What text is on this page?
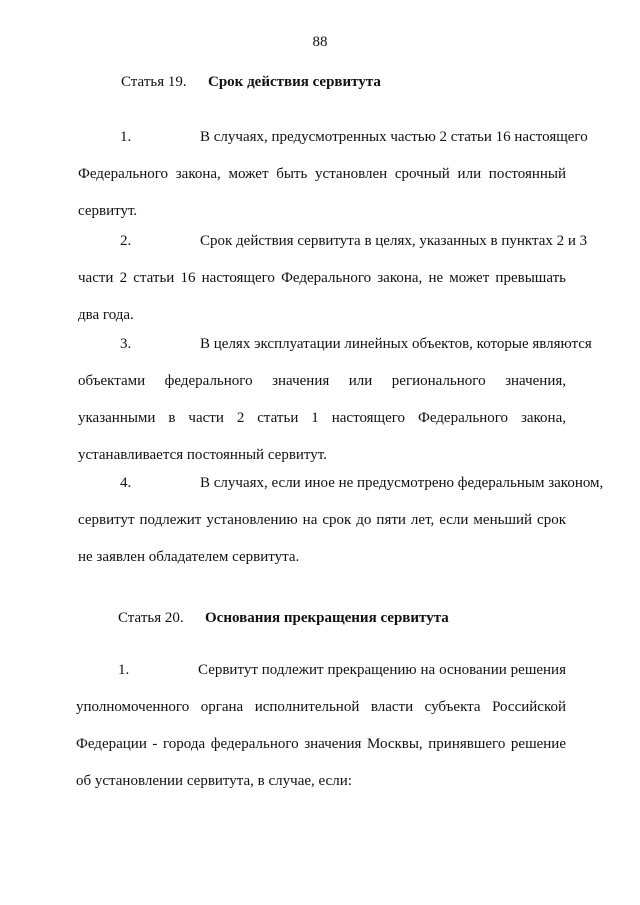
88
Статья 19. Срок действия сервитута
1.	В случаях, предусмотренных частью 2 статьи 16 настоящего
Федерального закона, может быть установлен срочный или постоянный
сервитут.
2.	Срок действия сервитута в целях, указанных в пунктах 2 и 3
части 2 статьи 16 настоящего Федерального закона, не может превышать
два года.
3.	В целях эксплуатации линейных объектов, которые являются
объектами федерального значения или регионального значения,
указанными в части 2 статьи 1 настоящего Федерального закона,
устанавливается постоянный сервитут.
4.	В случаях, если иное не предусмотрено федеральным законом,
сервитут подлежит установлению на срок до пяти лет, если меньший срок
не заявлен обладателем сервитута.
Статья 20. Основания прекращения сервитута
1.	Сервитут подлежит прекращению на основании решения
уполномоченного органа исполнительной власти субъекта Российской
Федерации - города федерального значения Москвы, принявшего решение
об установлении сервитута, в случае, если:
